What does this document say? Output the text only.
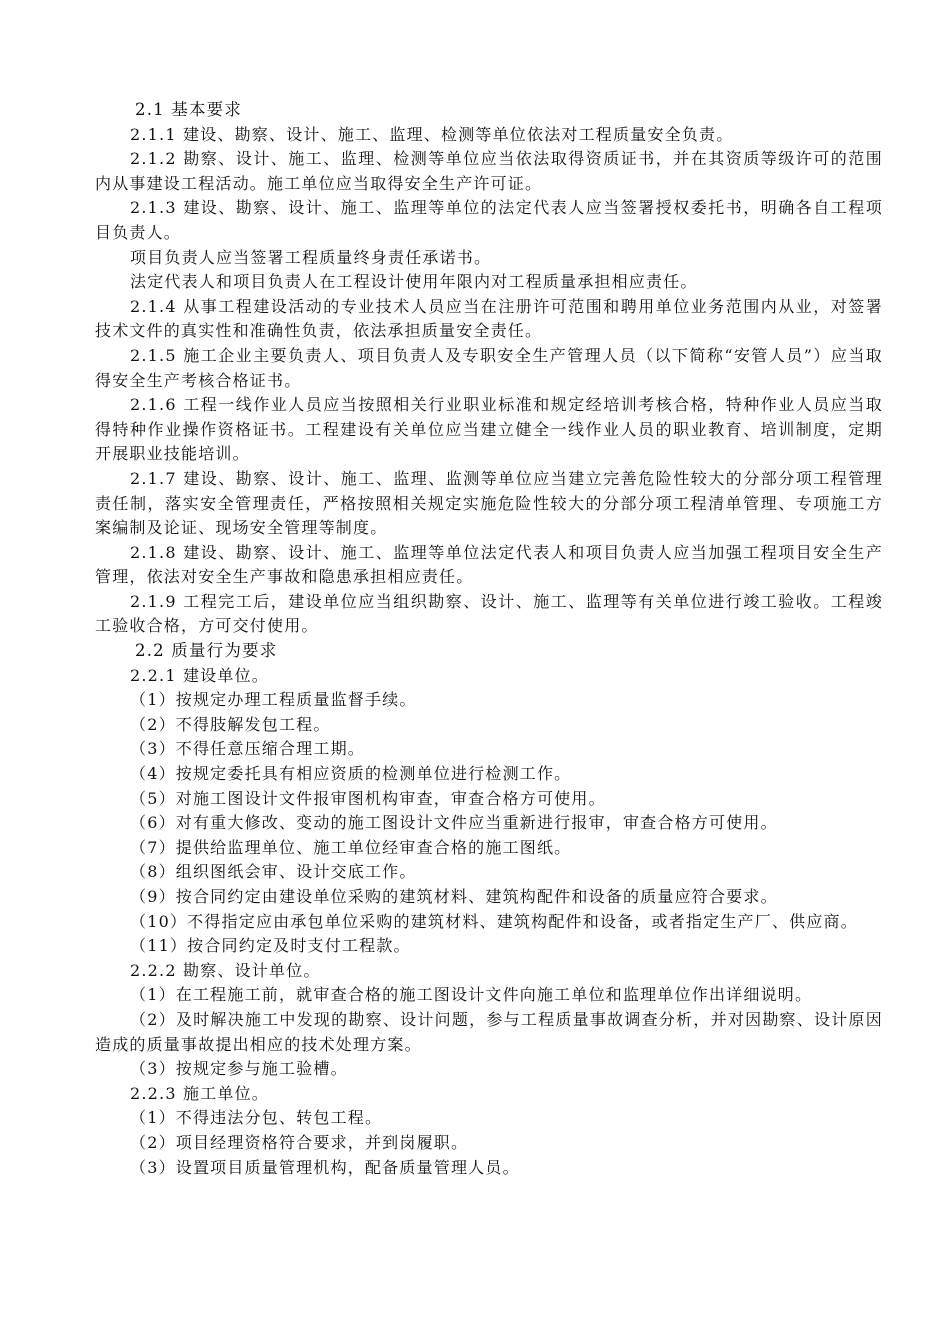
2.1 基本要求

2.1.1 建设、勘察、设计、施工、监理、检测等单位依法对工程质量安全负责。

2.1.2 勘察、设计、施工、监理、检测等单位应当依法取得资质证书，并在其资质等级许可的范围内从事建设工程活动。施工单位应当取得安全生产许可证。

2.1.3 建设、勘察、设计、施工、监理等单位的法定代表人应当签署授权委托书，明确各自工程项目负责人。

项目负责人应当签署工程质量终身责任承诺书。

法定代表人和项目负责人在工程设计使用年限内对工程质量承担相应责任。

2.1.4 从事工程建设活动的专业技术人员应当在注册许可范围和聘用单位业务范围内从业，对签署技术文件的真实性和准确性负责，依法承担质量安全责任。

2.1.5 施工企业主要负责人、项目负责人及专职安全生产管理人员（以下简称“安管人员”）应当取得安全生产考核合格证书。

2.1.6 工程一线作业人员应当按照相关行业职业标准和规定经培训考核合格，特种作业人员应当取得特种作业操作资格证书。工程建设有关单位应当建立健全一线作业人员的职业教育、培训制度，定期开展职业技能培训。

2.1.7 建设、勘察、设计、施工、监理、监测等单位应当建立完善危险性较大的分部分项工程管理责任制，落实安全管理责任，严格按照相关规定实施危险性较大的分部分项工程清单管理、专项施工方案编制及论证、现场安全管理等制度。

2.1.8 建设、勘察、设计、施工、监理等单位法定代表人和项目负责人应当加强工程项目安全生产管理，依法对安全生产事故和隐患承担相应责任。

2.1.9 工程完工后，建设单位应当组织勘察、设计、施工、监理等有关单位进行竣工验收。工程竣工验收合格，方可交付使用。

2.2 质量行为要求

2.2.1 建设单位。

（1）按规定办理工程质量监督手续。

（2）不得肢解发包工程。

（3）不得任意压缩合理工期。

（4）按规定委托具有相应资质的检测单位进行检测工作。

（5）对施工图设计文件报审图机构审查，审查合格方可使用。

（6）对有重大修改、变动的施工图设计文件应当重新进行报审，审查合格方可使用。

（7）提供给监理单位、施工单位经审查合格的施工图纸。

（8）组织图纸会审、设计交底工作。

（9）按合同约定由建设单位采购的建筑材料、建筑构配件和设备的质量应符合要求。

（10）不得指定应由承包单位采购的建筑材料、建筑构配件和设备，或者指定生产厂、供应商。

（11）按合同约定及时支付工程款。

2.2.2 勘察、设计单位。

（1）在工程施工前，就审查合格的施工图设计文件向施工单位和监理单位作出详细说明。

（2）及时解决施工中发现的勘察、设计问题，参与工程质量事故调查分析，并对因勘察、设计原因造成的质量事故提出相应的技术处理方案。

（3）按规定参与施工验槽。

2.2.3 施工单位。

（1）不得违法分包、转包工程。

（2）项目经理资格符合要求，并到岗履职。

（3）设置项目质量管理机构，配备质量管理人员。
